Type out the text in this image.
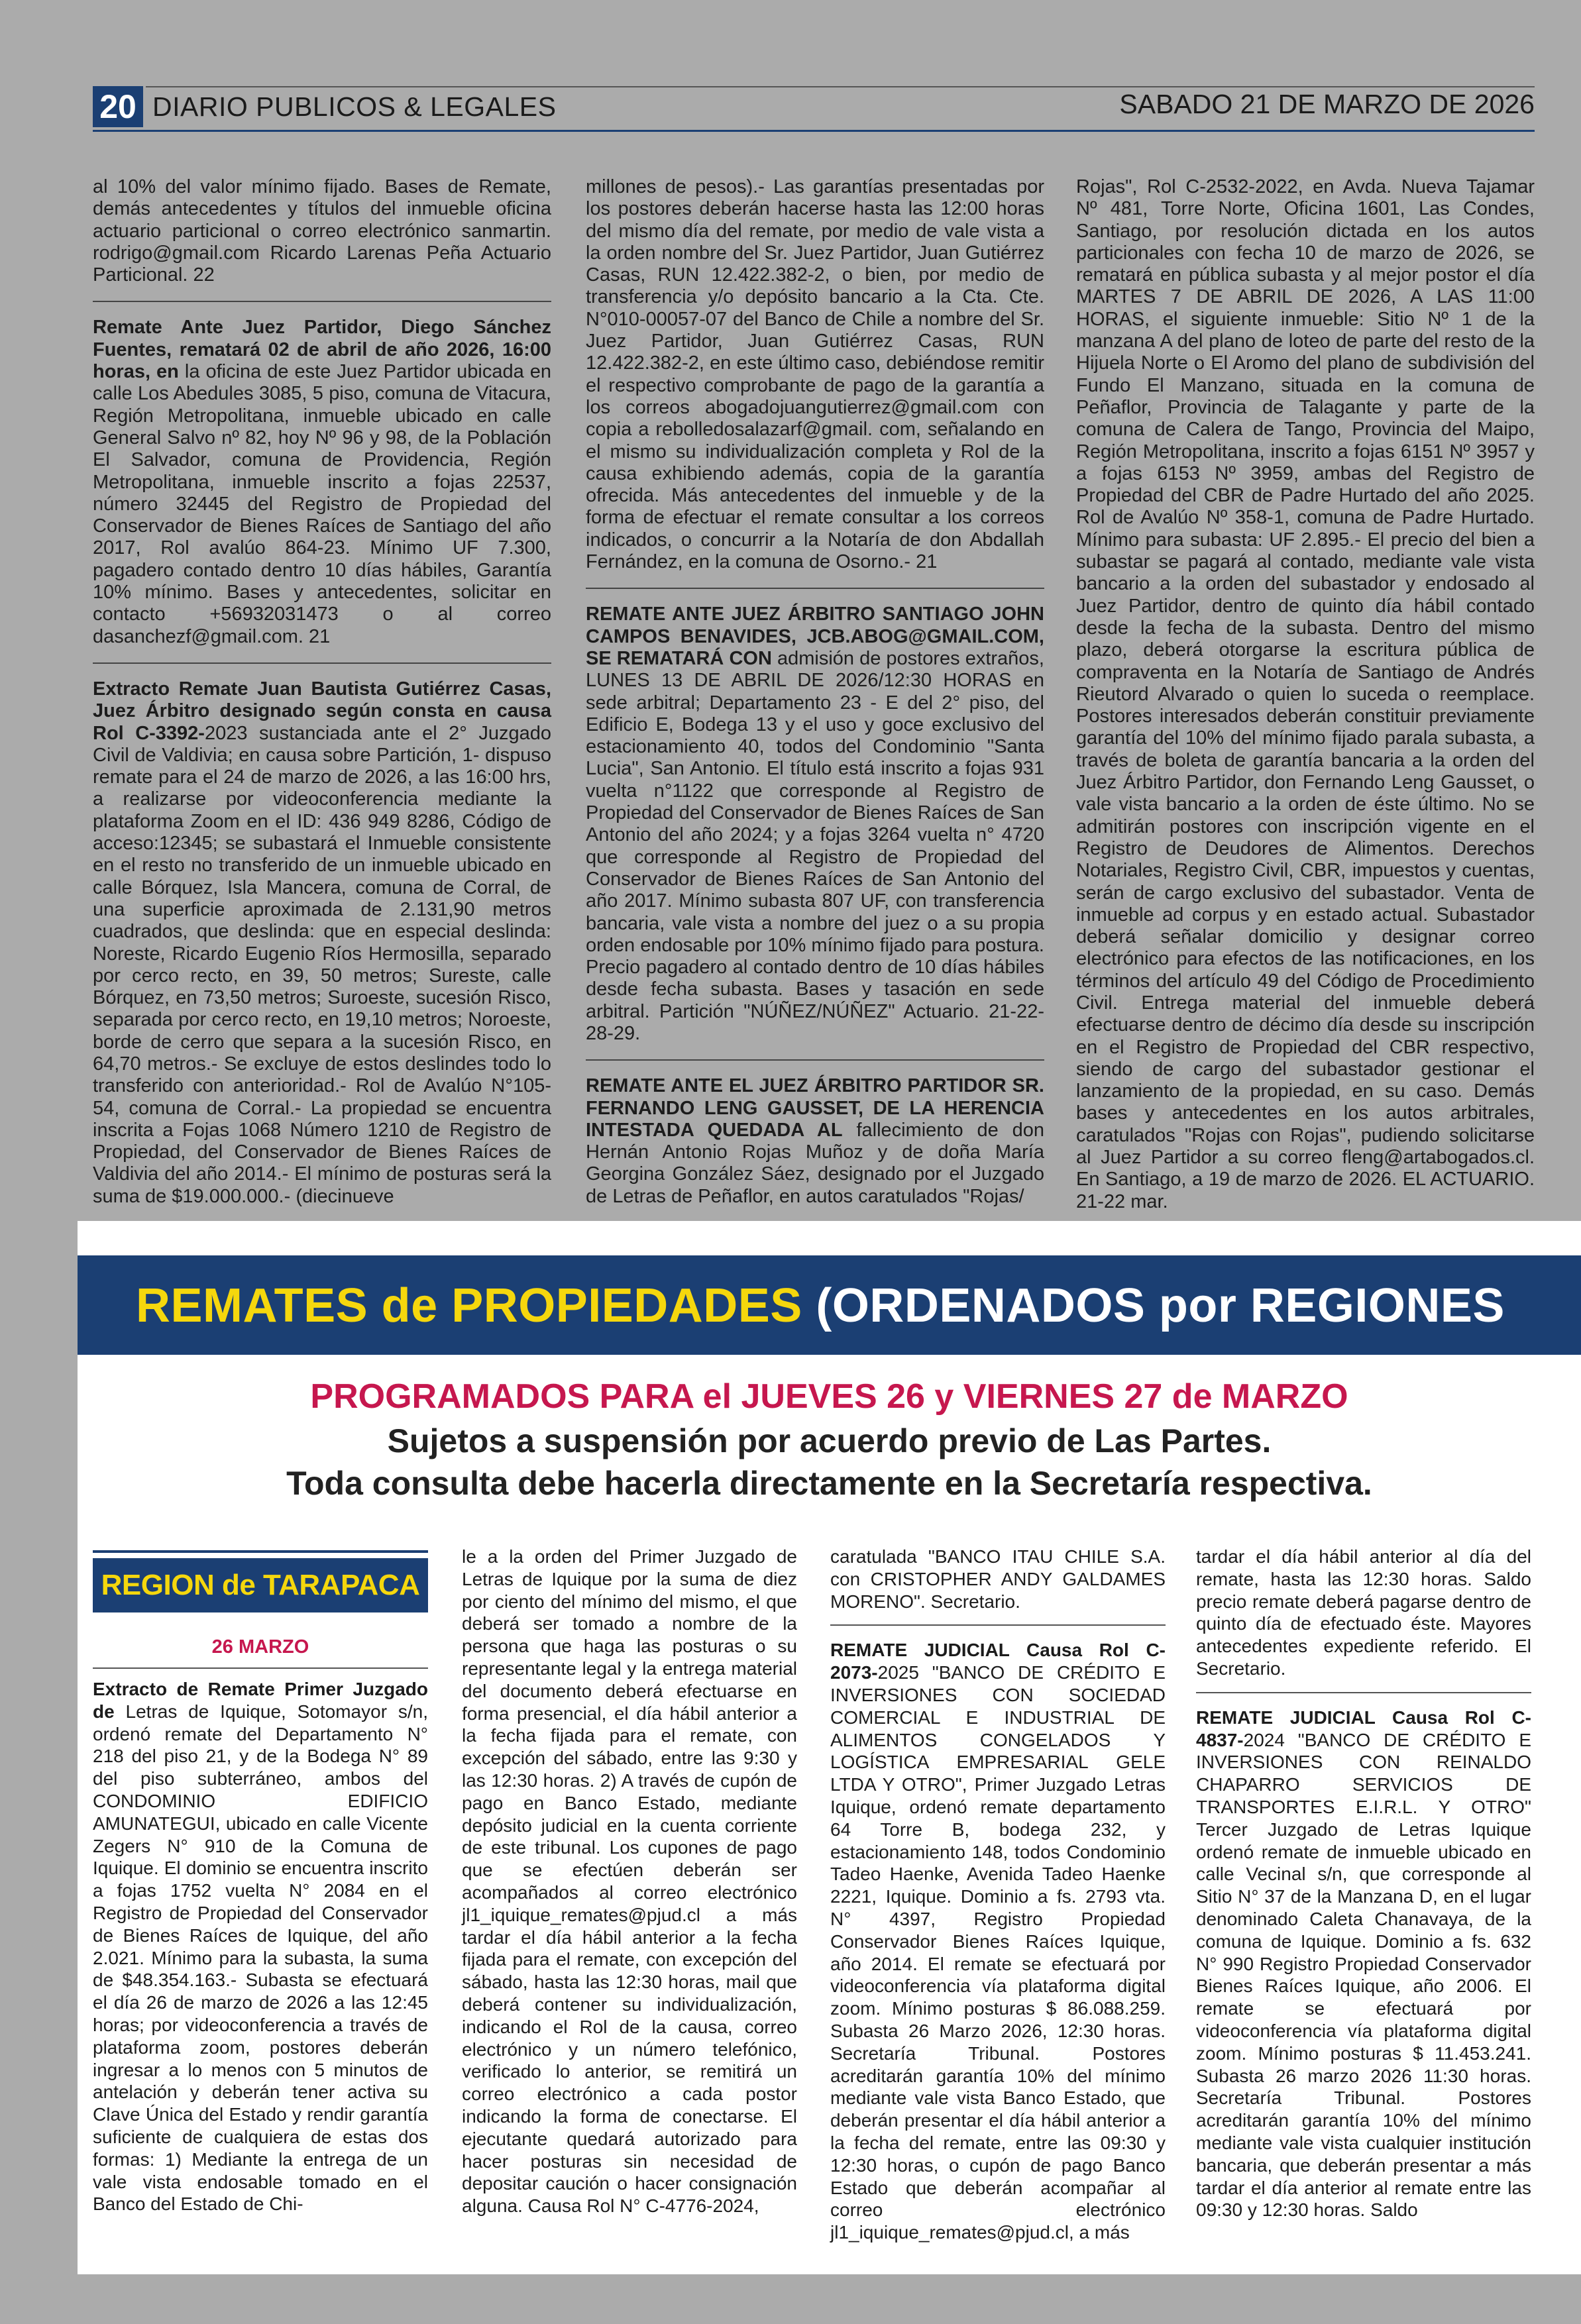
20 DIARIO PUBLICOS & LEGALES	SABADO 21 DE MARZO DE 2026

al 10% del valor mínimo fijado. Bases de Remate, demás antecedentes y títulos del inmueble oficina actuario particional o correo electrónico sanmartin. rodrigo@gmail.com Ricardo Larenas Peña Actuario Particional. 22

Remate Ante Juez Partidor, Diego Sánchez Fuentes, rematará 02 de abril de año 2026, 16:00 horas, en la oficina de este Juez Partidor ubicada en calle Los Abedules 3085, 5 piso, comuna de Vitacura, Región Metropolitana, inmueble ubicado en calle General Salvo nº 82, hoy Nº 96 y 98, de la Población El Salvador, comuna de Providencia, Región Metropolitana, inmueble inscrito a fojas 22537, número 32445 del Registro de Propiedad del Conservador de Bienes Raíces de Santiago del año 2017, Rol avalúo 864-23. Mínimo UF 7.300, pagadero contado dentro 10 días hábiles, Garantía 10% mínimo. Bases y antecedentes, solicitar en contacto +56932031473 o al correo dasanchezf@gmail.com. 21

Extracto Remate Juan Bautista Gutiérrez Casas, Juez Árbitro designado según consta en causa Rol C-3392-2023 sustanciada ante el 2° Juzgado Civil de Valdivia; en causa sobre Partición, 1- dispuso remate para el 24 de marzo de 2026, a las 16:00 hrs, a realizarse por videoconferencia mediante la plataforma Zoom en el ID: 436 949 8286, Código de acceso:12345; se subastará el Inmueble consistente en el resto no transferido de un inmueble ubicado en calle Bórquez, Isla Mancera, comuna de Corral, de una superficie aproximada de 2.131,90 metros cuadrados, que deslinda: que en especial deslinda: Noreste, Ricardo Eugenio Ríos Hermosilla, separado por cerco recto, en 39, 50 metros; Sureste, calle Bórquez, en 73,50 metros; Suroeste, sucesión Risco, separada por cerco recto, en 19,10 metros; Noroeste, borde de cerro que separa a la sucesión Risco, en 64,70 metros.- Se excluye de estos deslindes todo lo transferido con anterioridad.- Rol de Avalúo N°105-54, comuna de Corral.- La propiedad se encuentra inscrita a Fojas 1068 Número 1210 de Registro de Propiedad, del Conservador de Bienes Raíces de Valdivia del año 2014.- El mínimo de posturas será la suma de $19.000.000.- (diecinueve

millones de pesos).- Las garantías presentadas por los postores deberán hacerse hasta las 12:00 horas del mismo día del remate, por medio de vale vista a la orden nombre del Sr. Juez Partidor, Juan Gutiérrez Casas, RUN 12.422.382-2, o bien, por medio de transferencia y/o depósito bancario a la Cta. Cte. N°010-00057-07 del Banco de Chile a nombre del Sr. Juez Partidor, Juan Gutiérrez Casas, RUN 12.422.382-2, en este último caso, debiéndose remitir el respectivo comprobante de pago de la garantía a los correos abogadojuangutierrez@gmail.com con copia a rebolledosalazarf@gmail. com, señalando en el mismo su individualización completa y Rol de la causa exhibiendo además, copia de la garantía ofrecida. Más antecedentes del inmueble y de la forma de efectuar el remate consultar a los correos indicados, o concurrir a la Notaría de don Abdallah Fernández, en la comuna de Osorno.- 21

REMATE ANTE JUEZ ÁRBITRO SANTIAGO JOHN CAMPOS BENAVIDES, JCB.ABOG@GMAIL.COM, SE REMATARÁ CON admisión de postores extraños, LUNES 13 DE ABRIL DE 2026/12:30 HORAS en sede arbitral; Departamento 23 - E del 2° piso, del Edificio E, Bodega 13 y el uso y goce exclusivo del estacionamiento 40, todos del Condominio "Santa Lucia", San Antonio. El título está inscrito a fojas 931 vuelta n°1122 que corresponde al Registro de Propiedad del Conservador de Bienes Raíces de San Antonio del año 2024; y a fojas 3264 vuelta n° 4720 que corresponde al Registro de Propiedad del Conservador de Bienes Raíces de San Antonio del año 2017. Mínimo subasta 807 UF, con transferencia bancaria, vale vista a nombre del juez o a su propia orden endosable por 10% mínimo fijado para postura. Precio pagadero al contado dentro de 10 días hábiles desde fecha subasta. Bases y tasación en sede arbitral. Partición "NÚÑEZ/NÚÑEZ" Actuario. 21-22-28-29.

REMATE ANTE EL JUEZ ÁRBITRO PARTIDOR SR. FERNANDO LENG GAUSSET, DE LA HERENCIA INTESTADA QUEDADA AL fallecimiento de don Hernán Antonio Rojas Muñoz y de doña María Georgina González Sáez, designado por el Juzgado de Letras de Peñaflor, en autos caratulados "Rojas/

Rojas", Rol C-2532-2022, en Avda. Nueva Tajamar Nº 481, Torre Norte, Oficina 1601, Las Condes, Santiago, por resolución dictada en los autos particionales con fecha 10 de marzo de 2026, se rematará en pública subasta y al mejor postor el día MARTES 7 DE ABRIL DE 2026, A LAS 11:00 HORAS, el siguiente inmueble: Sitio Nº 1 de la manzana A del plano de loteo de parte del resto de la Hijuela Norte o El Aromo del plano de subdivisión del Fundo El Manzano, situada en la comuna de Peñaflor, Provincia de Talagante y parte de la comuna de Calera de Tango, Provincia del Maipo, Región Metropolitana, inscrito a fojas 6151 Nº 3957 y a fojas 6153 Nº 3959, ambas del Registro de Propiedad del CBR de Padre Hurtado del año 2025. Rol de Avalúo Nº 358-1, comuna de Padre Hurtado. Mínimo para subasta: UF 2.895.- El precio del bien a subastar se pagará al contado, mediante vale vista bancario a la orden del subastador y endosado al Juez Partidor, dentro de quinto día hábil contado desde la fecha de la subasta. Dentro del mismo plazo, deberá otorgarse la escritura pública de compraventa en la Notaría de Santiago de Andrés Rieutord Alvarado o quien lo suceda o reemplace. Postores interesados deberán constituir previamente garantía del 10% del mínimo fijado parala subasta, a través de boleta de garantía bancaria a la orden del Juez Árbitro Partidor, don Fernando Leng Gausset, o vale vista bancario a la orden de éste último. No se admitirán postores con inscripción vigente en el Registro de Deudores de Alimentos. Derechos Notariales, Registro Civil, CBR, impuestos y cuentas, serán de cargo exclusivo del subastador. Venta de inmueble ad corpus y en estado actual. Subastador deberá señalar domicilio y designar correo electrónico para efectos de las notificaciones, en los términos del artículo 49 del Código de Procedimiento Civil. Entrega material del inmueble deberá efectuarse dentro de décimo día desde su inscripción en el Registro de Propiedad del CBR respectivo, siendo de cargo del subastador gestionar el lanzamiento de la propiedad, en su caso. Demás bases y antecedentes en los autos arbitrales, caratulados "Rojas con Rojas", pudiendo solicitarse al Juez Partidor a su correo fleng@artabogados.cl. En Santiago, a 19 de marzo de 2026. EL ACTUARIO. 21-22 mar.

REMATES de PROPIEDADES (ORDENADOS por REGIONES
PROGRAMADOS PARA el JUEVES 26 y VIERNES 27 de MARZO
Sujetos a suspensión por acuerdo previo de Las Partes.
Toda consulta debe hacerla directamente en la Secretaría respectiva.
REGION de TARAPACA
26 MARZO

Extracto de Remate Primer Juzgado de Letras de Iquique, Sotomayor s/n, ordenó remate del Departamento N° 218 del piso 21, y de la Bodega N° 89 del piso subterráneo, ambos del CONDOMINIO EDIFICIO AMUNATEGUI, ubicado en calle Vicente Zegers N° 910 de la Comuna de Iquique. El dominio se encuentra inscrito a fojas 1752 vuelta N° 2084 en el Registro de Propiedad del Conservador de Bienes Raíces de Iquique, del año 2.021. Mínimo para la subasta, la suma de $48.354.163.- Subasta se efectuará el día 26 de marzo de 2026 a las 12:45 horas; por videoconferencia a través de plataforma zoom, postores deberán ingresar a lo menos con 5 minutos de antelación y deberán tener activa su Clave Única del Estado y rendir garantía suficiente de cualquiera de estas dos formas: 1) Mediante la entrega de un vale vista endosable tomado en el Banco del Estado de Chi-

le a la orden del Primer Juzgado de Letras de Iquique por la suma de diez por ciento del mínimo del mismo, el que deberá ser tomado a nombre de la persona que haga las posturas o su representante legal y la entrega material del documento deberá efectuarse en forma presencial, el día hábil anterior a la fecha fijada para el remate, con excepción del sábado, entre las 9:30 y las 12:30 horas. 2) A través de cupón de pago en Banco Estado, mediante depósito judicial en la cuenta corriente de este tribunal. Los cupones de pago que se efectúen deberán ser acompañados al correo electrónico jl1_iquique_remates@pjud.cl a más tardar el día hábil anterior a la fecha fijada para el remate, con excepción del sábado, hasta las 12:30 horas, mail que deberá contener su individualización, indicando el Rol de la causa, correo electrónico y un número telefónico, verificado lo anterior, se remitirá un correo electrónico a cada postor indicando la forma de conectarse. El ejecutante quedará autorizado para hacer posturas sin necesidad de depositar caución o hacer consignación alguna. Causa Rol N° C-4776-2024,

caratulada "BANCO ITAU CHILE S.A. con CRISTOPHER ANDY GALDAMES MORENO". Secretario.

REMATE JUDICIAL Causa Rol C-2073-2025 "BANCO DE CRÉDITO E INVERSIONES CON SOCIEDAD COMERCIAL E INDUSTRIAL DE ALIMENTOS CONGELADOS Y LOGÍSTICA EMPRESARIAL GELE LTDA Y OTRO", Primer Juzgado Letras Iquique, ordenó remate departamento 64 Torre B, bodega 232, y estacionamiento 148, todos Condominio Tadeo Haenke, Avenida Tadeo Haenke 2221, Iquique. Dominio a fs. 2793 vta. N° 4397, Registro Propiedad Conservador Bienes Raíces Iquique, año 2014. El remate se efectuará por videoconferencia vía plataforma digital zoom. Mínimo posturas $ 86.088.259. Subasta 26 Marzo 2026, 12:30 horas. Secretaría Tribunal. Postores acreditarán garantía 10% del mínimo mediante vale vista Banco Estado, que deberán presentar el día hábil anterior a la fecha del remate, entre las 09:30 y 12:30 horas, o cupón de pago Banco Estado que deberán acompañar al correo electrónico jl1_iquique_remates@pjud.cl, a más

tardar el día hábil anterior al día del remate, hasta las 12:30 horas. Saldo precio remate deberá pagarse dentro de quinto día de efectuado éste. Mayores antecedentes expediente referido. El Secretario.

REMATE JUDICIAL Causa Rol C-4837-2024 "BANCO DE CRÉDITO E INVERSIONES CON REINALDO CHAPARRO SERVICIOS DE TRANSPORTES E.I.R.L. Y OTRO" Tercer Juzgado de Letras Iquique ordenó remate de inmueble ubicado en calle Vecinal s/n, que corresponde al Sitio N° 37 de la Manzana D, en el lugar denominado Caleta Chanavaya, de la comuna de Iquique. Dominio a fs. 632 N° 990 Registro Propiedad Conservador Bienes Raíces Iquique, año 2006. El remate se efectuará por videoconferencia vía plataforma digital zoom. Mínimo posturas $ 11.453.241. Subasta 26 marzo 2026 11:30 horas. Secretaría Tribunal. Postores acreditarán garantía 10% del mínimo mediante vale vista cualquier institución bancaria, que deberán presentar a más tardar el día anterior al remate entre las 09:30 y 12:30 horas. Saldo
